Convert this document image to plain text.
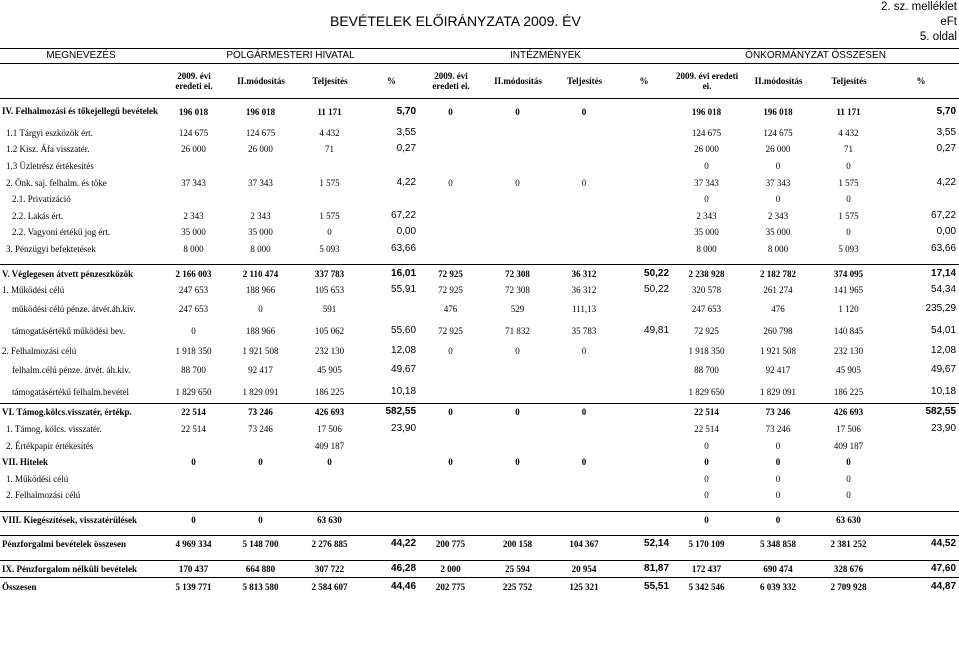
BEVÉTELEK ELŐIRÁNYZATA 2009. ÉV
2. sz. melléklet
eFt
5. oldal
MEGNEVEZÉS	POLGÁRMESTERI HIVATAL				INTÉZMÉNYEK				ÖNKORMÁNYZAT ÖSSZESEN			
	2009. évi eredeti ei.	II.módosítás	Teljesítés	%	2009. évi eredeti ei.	II.módosítás	Teljesítés	%	2009. évi eredeti ei.	II.módosítás	Teljesítés	%
IV. Felhalmozási és tőkejellegű bevételek	196 018	196 018	11 171	5,70	0	0	0		196 018	196 018	11 171	5,70
1.1 Tárgyi eszközök ért.	124 675	124 675	4 432	3,55					124 675	124 675	4 432	3,55
1.2 Kisz. Áfa visszatér.	26 000	26 000	71	0,27					26 000	26 000	71	0,27
1.3 Üzletrész értékesítés									0	0	0	
2. Önk. saj. felhalm. és tőke	37 343	37 343	1 575	4,22	0	0	0		37 343	37 343	1 575	4,22
2.1. Privatizáció									0	0	0	
2.2. Lakás ért.	2 343	2 343	1 575	67,22					2 343	2 343	1 575	67,22
2.2. Vagyoni értékű jog ért.	35 000	35 000	0	0,00					35 000	35 000	0	0,00
3. Pénzügyi befektetések	8 000	8 000	5 093	63,66					8 000	8 000	5 093	63,66

V. Véglegesen átvett pénzeszközök	2 166 003	2 110 474	337 783	16,01	72 925	72 308	36 312	50,22	2 238 928	2 182 782	374 095	17,14
1. Működési célú	247 653	188 966	105 653	55,91	72 925	72 308	36 312	50,22	320 578	261 274	141 965	54,34
működési célú pénze. átvét.áh.kív.	247 653	0	591		476	529	111,13		247 653	476	1 120	235,29
támogatásértékű működési bev.	0	188 966	105 062	55,60	72 925	71 832	35 783	49,81	72 925	260 798	140 845	54,01
2. Felhalmozási célú	1 918 350	1 921 508	232 130	12,08	0	0	0		1 918 350	1 921 508	232 130	12,08
felhalm.célú pénze. átvét. áh.kív.	88 700	92 417	45 905	49,67					88 700	92 417	45 905	49,67
támogatásértékű felhalm.bevétel	1 829 650	1 829 091	186 225	10,18					1 829 650	1 829 091	186 225	10,18
VI. Támog.kölcs.visszatér, értékp.	22 514	73 246	426 693	582,55	0	0	0		22 514	73 246	426 693	582,55
1. Támog. kölcs. visszatér.	22 514	73 246	17 506	23,90					22 514	73 246	17 506	23,90
2. Értékpapír értékesítés			409 187						0	0	409 187	
VII. Hitelek	0	0	0		0	0	0		0	0	0	
1. Működési célú									0	0	0	
2. Felhalmozási célú									0	0	0	

VIII. Kiegészítések, visszatérülések	0	0	63 630						0	0	63 630	

Pénzforgalmi bevételek összesen	4 969 334	5 148 700	2 276 885	44,22	200 775	200 158	104 367	52,14	5 170 109	5 348 858	2 381 252	44,52

IX. Pénzforgalom nélküli bevételek	170 437	664 880	307 722	46,28	2 000	25 594	20 954	81,87	172 437	690 474	328 676	47,60
Összesen	5 139 771	5 813 580	2 584 607	44,46	202 775	225 752	125 321	55,51	5 342 546	6 039 332	2 709 928	44,87
